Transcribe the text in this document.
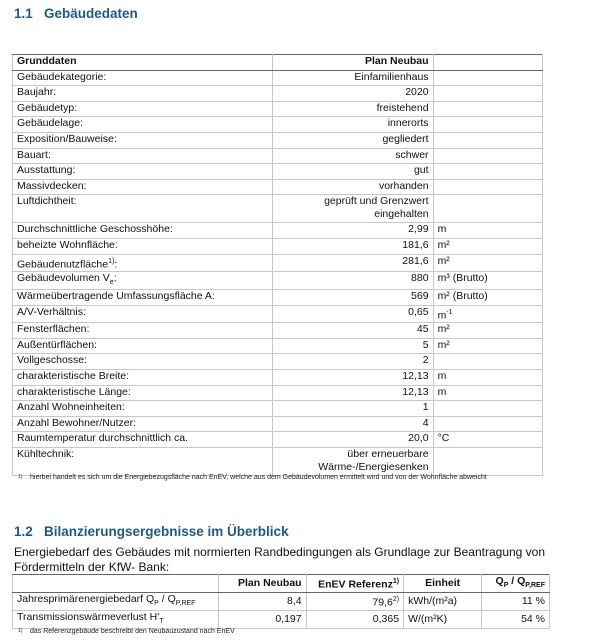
1.1 Gebäudedaten
Grunddaten	Plan Neubau	
Gebäudekategorie:	Einfamilienhaus	
Baujahr:	2020	
Gebäudetyp:	freistehend	
Gebäudelage:	innerorts	
Exposition/Bauweise:	gegliedert	
Bauart:	schwer	
Ausstattung:	gut	
Massivdecken:	vorhanden	
Luftdichtheit:	geprüft und Grenzwert eingehalten	
Durchschnittliche Geschosshöhe:	2,99	m
beheizte Wohnfläche:	181,6	m²
Gebäudenutzfläche$^{1)}$:	281,6	m²
Gebäudevolumen $V_e$:	880	m³ (Brutto)
Wärmeübertragende Umfassungsfläche A:	569	m² (Brutto)
A/V-Verhältnis:	0,65	$m^{-1}$
Fensterflächen:	45	m²
Außentürflächen:	5	m²
Vollgeschosse:	2	
charakteristische Breite:	12,13	m
charakteristische Länge:	12,13	m
Anzahl Wohneinheiten:	1	
Anzahl Bewohner/Nutzer:	4	
Raumtemperatur durchschnittlich ca.	20,0	°C
Kühltechnik:	über erneuerbare Wärme-/Energiesenken	
$^{1)}$ hierbei handelt es sich um die Energiebezugsfläche nach EnEV, welche aus dem Gebäudevolumen ermittelt wird und von der Wohnfläche abweicht
1.2 Bilanzierungsergebnisse im Überblick
Energiebedarf des Gebäudes mit normierten Randbedingungen als Grundlage zur Beantragung von Fördermitteln der KfW- Bank:
	Plan Neubau	EnEV Referenz$^{1)}$	Einheit	$Q_P / Q_{P,REF}$
Jahresprimärenergiebedarf $Q_P / Q_{P,REF}$	8,4	79,6$^{2)}$	kWh/(m²a)	11 %
Transmissionswärmeverlust $H'_T$	0,197	0,365	W/(m²K)	54 %
$^{1)}$ das Referenzgebäude beschreibt den Neubauzustand nach EnEV
